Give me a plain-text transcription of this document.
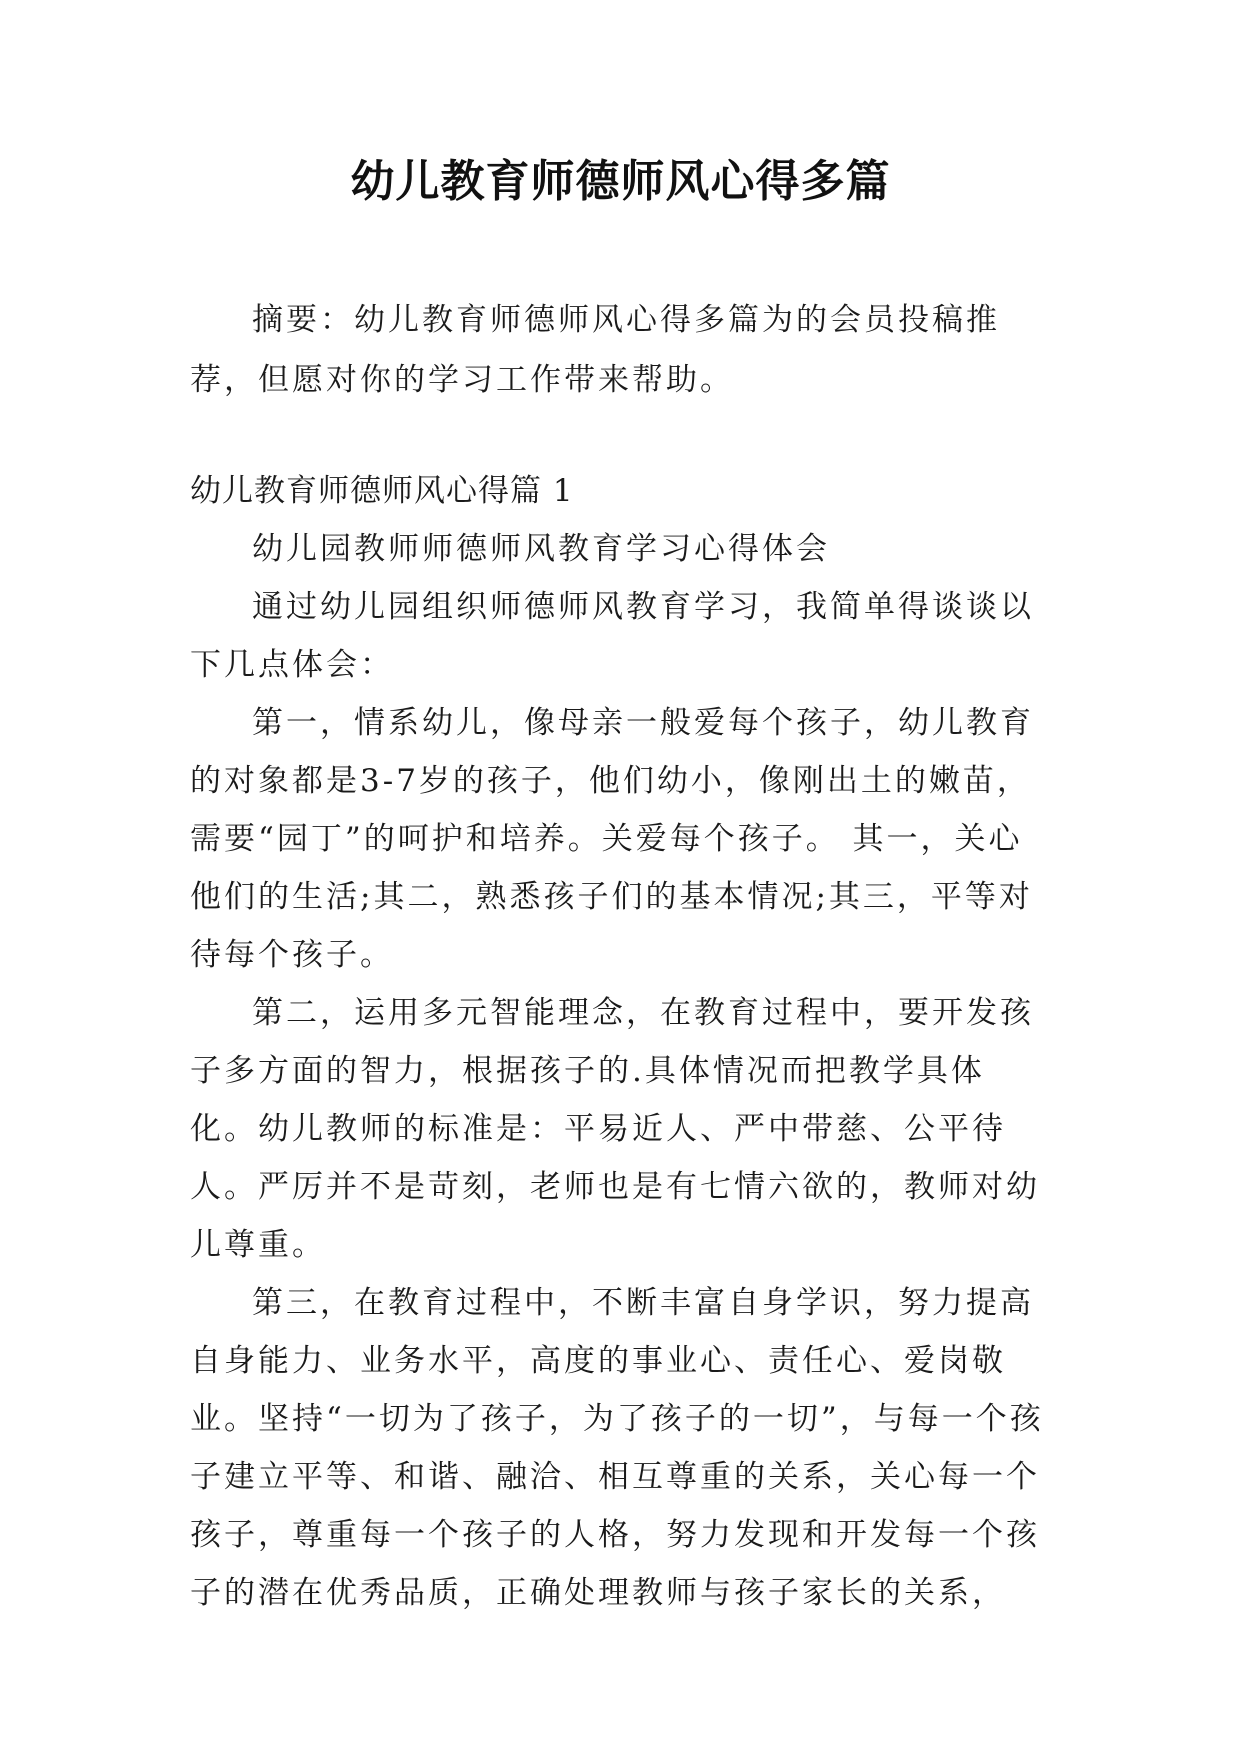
幼儿教育师德师风心得多篇

摘要：幼儿教育师德师风心得多篇为的会员投稿推荐，但愿对你的学习工作带来帮助。

幼儿教育师德师风心得篇 1

幼儿园教师师德师风教育学习心得体会

通过幼儿园组织师德师风教育学习，我简单得谈谈以下几点体会：

第一，情系幼儿，像母亲一般爱每个孩子，幼儿教育的对象都是3-7岁的孩子，他们幼小，像刚出土的嫩苗，需要“园丁”的呵护和培养。关爱每个孩子。 其一，关心他们的生活;其二，熟悉孩子们的基本情况;其三，平等对待每个孩子。

第二，运用多元智能理念，在教育过程中，要开发孩子多方面的智力，根据孩子的.具体情况而把教学具体化。幼儿教师的标准是：平易近人、严中带慈、公平待人。严厉并不是苛刻，老师也是有七情六欲的，教师对幼儿尊重。

第三，在教育过程中，不断丰富自身学识，努力提高自身能力、业务水平，高度的事业心、责任心、爱岗敬业。坚持“一切为了孩子，为了孩子的一切”，与每一个孩子建立平等、和谐、融洽、相互尊重的关系，关心每一个孩子，尊重每一个孩子的人格，努力发现和开发每一个孩子的潜在优秀品质，正确处理教师与孩子家长的关系，
